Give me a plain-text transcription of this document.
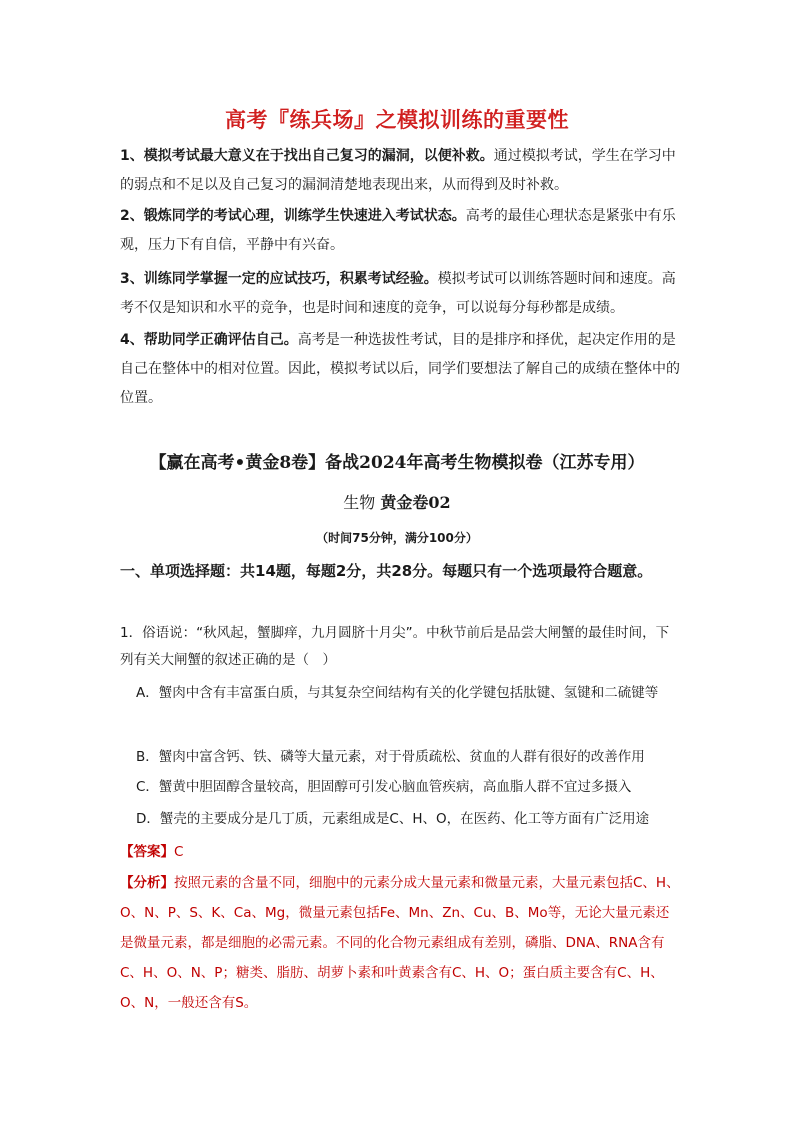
高考『练兵场』之模拟训练的重要性
1、模拟考试最大意义在于找出自己复习的漏洞，以便补救。通过模拟考试，学生在学习中的弱点和不足以及自己复习的漏洞清楚地表现出来，从而得到及时补救。
2、锻炼同学的考试心理，训练学生快速进入考试状态。高考的最佳心理状态是紧张中有乐观，压力下有自信，平静中有兴奋。
3、训练同学掌握一定的应试技巧，积累考试经验。模拟考试可以训练答题时间和速度。高考不仅是知识和水平的竞争，也是时间和速度的竞争，可以说每分每秒都是成绩。
4、帮助同学正确评估自己。高考是一种选拔性考试，目的是排序和择优，起决定作用的是自己在整体中的相对位置。因此，模拟考试以后，同学们要想法了解自己的成绩在整体中的位置。
【赢在高考•黄金8卷】备战2024年高考生物模拟卷（江苏专用）
生物 黄金卷02
（时间75分钟，满分100分）
一、单项选择题：共14题，每题2分，共28分。每题只有一个选项最符合题意。
1．俗语说：“秋风起，蟹脚痒，九月圆脐十月尖”。中秋节前后是品尝大闸蟹的最佳时间，下列有关大闸蟹的叙述正确的是（　）
A．蟹肉中含有丰富蛋白质，与其复杂空间结构有关的化学键包括肽键、氢键和二硫键等
B．蟹肉中富含钙、铁、磷等大量元素，对于骨质疏松、贫血的人群有很好的改善作用
C．蟹黄中胆固醇含量较高，胆固醇可引发心脑血管疾病，高血脂人群不宜过多摄入
D．蟹壳的主要成分是几丁质，元素组成是C、H、O，在医药、化工等方面有广泛用途
【答案】C
【分析】按照元素的含量不同，细胞中的元素分成大量元素和微量元素，大量元素包括C、H、O、N、P、S、K、Ca、Mg，微量元素包括Fe、Mn、Zn、Cu、B、Mo等，无论大量元素还是微量元素，都是细胞的必需元素。不同的化合物元素组成有差别，磷脂、DNA、RNA含有C、H、O、N、P；糖类、脂肪、胡萝卜素和叶黄素含有C、H、O；蛋白质主要含有C、H、O、N，一般还含有S。
